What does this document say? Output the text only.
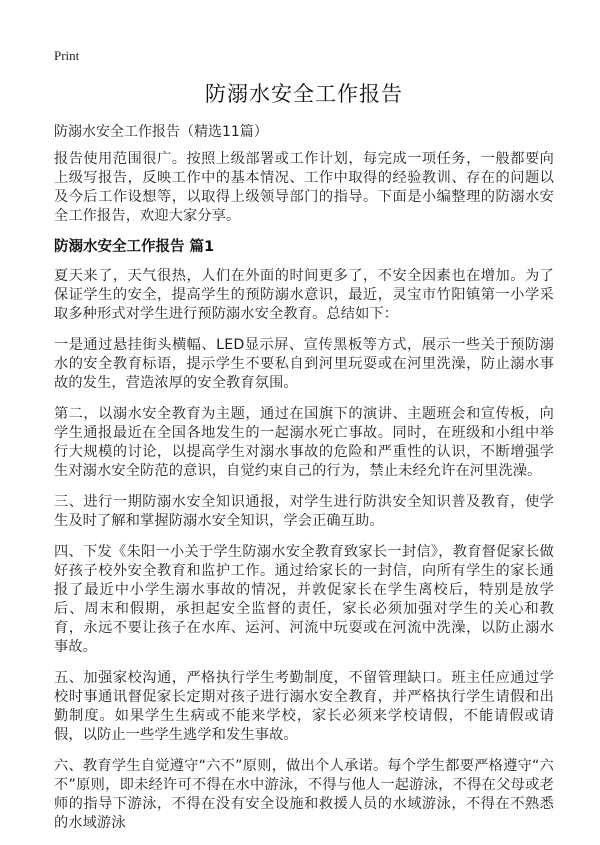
Print
防溺水安全工作报告
防溺水安全工作报告（精选11篇）

报告使用范围很广。按照上级部署或工作计划，每完成一项任务，一般都要向上级写报告，反映工作中的基本情况、工作中取得的经验教训、存在的问题以及今后工作设想等，以取得上级领导部门的指导。下面是小编整理的防溺水安全工作报告，欢迎大家分享。

防溺水安全工作报告 篇1

夏天来了，天气很热，人们在外面的时间更多了，不安全因素也在增加。为了保证学生的安全，提高学生的预防溺水意识，最近，灵宝市竹阳镇第一小学采取多种形式对学生进行预防溺水安全教育。总结如下：

一是通过悬挂街头横幅、LED显示屏、宣传黑板等方式，展示一些关于预防溺水的安全教育标语，提示学生不要私自到河里玩耍或在河里洗澡，防止溺水事故的发生，营造浓厚的安全教育氛围。

第二，以溺水安全教育为主题，通过在国旗下的演讲、主题班会和宣传板，向学生通报最近在全国各地发生的一起溺水死亡事故。同时，在班级和小组中举行大规模的讨论，以提高学生对溺水事故的危险和严重性的认识，不断增强学生对溺水安全防范的意识，自觉约束自己的行为，禁止未经允许在河里洗澡。

三、进行一期防溺水安全知识通报，对学生进行防洪安全知识普及教育，使学生及时了解和掌握防溺水安全知识，学会正确互助。

四、下发《朱阳一小关于学生防溺水安全教育致家长一封信》，教育督促家长做好孩子校外安全教育和监护工作。通过给家长的一封信，向所有学生的家长通报了最近中小学生溺水事故的情况，并敦促家长在学生离校后，特别是放学后、周末和假期，承担起安全监督的责任，家长必须加强对学生的关心和教育，永远不要让孩子在水库、运河、河流中玩耍或在河流中洗澡，以防止溺水事故。

五、加强家校沟通，严格执行学生考勤制度，不留管理缺口。班主任应通过学校时事通讯督促家长定期对孩子进行溺水安全教育，并严格执行学生请假和出勤制度。如果学生生病或不能来学校，家长必须来学校请假，不能请假或请假，以防止一些学生逃学和发生事故。

六、教育学生自觉遵守“六不”原则，做出个人承诺。每个学生都要严格遵守“六不”原则，即未经许可不得在水中游泳，不得与他人一起游泳，不得在父母或老师的指导下游泳，不得在没有安全设施和救援人员的水域游泳，不得在不熟悉的水域游泳
